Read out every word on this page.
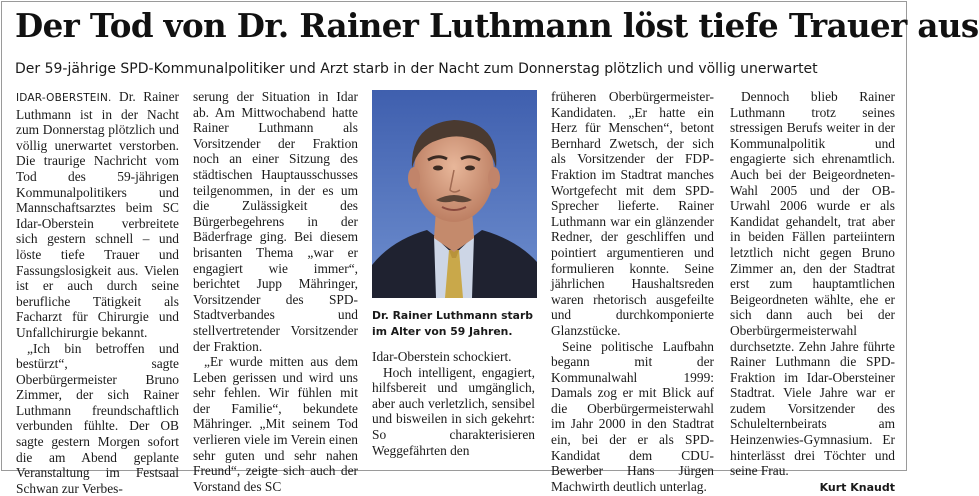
Der Tod von Dr. Rainer Luthmann löst tiefe Trauer aus
Der 59-jährige SPD-Kommunalpolitiker und Arzt starb in der Nacht zum Donnerstag plötzlich und völlig unerwartet

IDAR-OBERSTEIN. Dr. Rainer Luthmann ist in der Nacht zum Donnerstag plötzlich und völlig unerwartet verstorben. Die traurige Nachricht vom Tod des 59-jährigen Kommunalpolitikers und Mannschaftsarztes beim SC Idar-Oberstein verbreitete sich gestern schnell – und löste tiefe Trauer und Fassungslosigkeit aus. Vielen ist er auch durch seine berufliche Tätigkeit als Facharzt für Chirurgie und Unfallchirurgie bekannt.

„Ich bin betroffen und bestürzt“, sagte Oberbürgermeister Bruno Zimmer, der sich Rainer Luthmann freundschaftlich verbunden fühlte. Der OB sagte gestern Morgen sofort die am Abend geplante Veranstaltung im Festsaal Schwan zur Verbes-

serung der Situation in Idar ab. Am Mittwochabend hatte Rainer Luthmann als Vorsitzender der Fraktion noch an einer Sitzung des städtischen Hauptausschusses teilgenommen, in der es um die Zulässigkeit des Bürgerbegehrens in der Bäderfrage ging. Bei diesem brisanten Thema „war er engagiert wie immer“, berichtet Jupp Mähringer, Vorsitzender des SPD-Stadtverbandes und stellvertretender Vorsitzender der Fraktion.

„Er wurde mitten aus dem Leben gerissen und wird uns sehr fehlen. Wir fühlen mit der Familie“, bekundete Mähringer. „Mit seinem Tod verlieren viele im Verein einen sehr guten und sehr nahen Freund“, zeigte sich auch der Vorstand des SC

Dr. Rainer Luthmann starb im Alter von 59 Jahren.

Idar-Oberstein schockiert.

Hoch intelligent, engagiert, hilfsbereit und umgänglich, aber auch verletzlich, sensibel und bisweilen in sich gekehrt: So charakterisieren Weggefährten den

früheren Oberbürgermeister-Kandidaten. „Er hatte ein Herz für Menschen“, betont Bernhard Zwetsch, der sich als Vorsitzender der FDP-Fraktion im Stadtrat manches Wortgefecht mit dem SPD-Sprecher lieferte. Rainer Luthmann war ein glänzender Redner, der geschliffen und pointiert argumentieren und formulieren konnte. Seine jährlichen Haushaltsreden waren rhetorisch ausgefeilte und durchkomponierte Glanzstücke.

Seine politische Laufbahn begann mit der Kommunalwahl 1999: Damals zog er mit Blick auf die Oberbürgermeisterwahl im Jahr 2000 in den Stadtrat ein, bei der er als SPD-Kandidat dem CDU-Bewerber Hans Jürgen Machwirth deutlich unterlag.

Dennoch blieb Rainer Luthmann trotz seines stressigen Berufs weiter in der Kommunalpolitik und engagierte sich ehrenamtlich. Auch bei der Beigeordneten-Wahl 2005 und der OB-Urwahl 2006 wurde er als Kandidat gehandelt, trat aber in beiden Fällen parteiintern letztlich nicht gegen Bruno Zimmer an, den der Stadtrat erst zum hauptamtlichen Beigeordneten wählte, ehe er sich dann auch bei der Oberbürgermeisterwahl durchsetzte. Zehn Jahre führte Rainer Luthmann die SPD-Fraktion im Idar-Obersteiner Stadtrat. Viele Jahre war er zudem Vorsitzender des Schulelternbeirats am Heinzenwies-Gymnasium. Er hinterlässt drei Töchter und seine Frau.

Kurt Knaudt
